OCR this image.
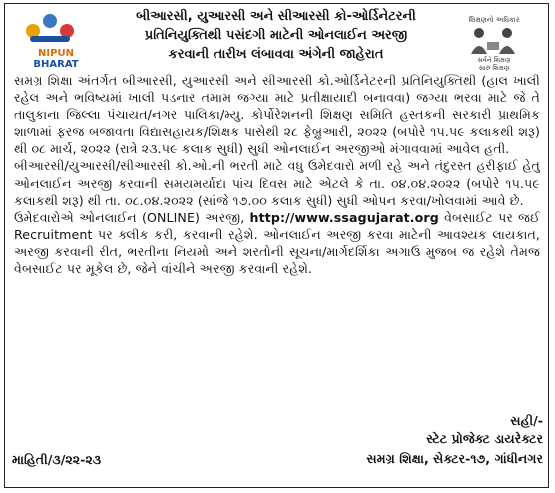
NIPUN
BHARAT
બીઆરસી, યુઆરસી અને સીઆરસી કો-ઓર્ડિનેટરની
પ્રતિનિયુક્તિથી પસંદગી માટેની ઓનલાઈન અરજી
કરવાની તારીખ લંબાવવા અંગેની જાહેરાત
શિક્ષણનો અધિકાર
સર્વને શિક્ષણ
સારું શિક્ષણ

સમગ્ર શિક્ષા અંતર્ગત બીઆરસી, યુઆરસી અને સીઆરસી કો.ઓર્ડિનેટરની પ્રતિનિયુક્તિથી (હાલ ખાલી રહેલ અને ભવિષ્યમાં ખાલી પડનાર તમામ જગ્યા માટે પ્રતીક્ષાયાદી બનાવવા) જગ્યા ભરવા માટે જે તે તાલુકાના જિલ્લા પંચાયત/નગર પાલિકા/મ્યુ. કોર્પોરેશનની શિક્ષણ સમિતિ હસ્તકની સરકારી પ્રાથમિક શાળામાં ફરજ બજાવતા વિદ્યાસહાયક/શિક્ષક પાસેથી ૨૮ ફેબ્રુઆરી, ૨૦૨૨ (બપોરે ૧૫.૫૯ કલાકથી શરૂ) થી ૦૮ માર્ચ, ૨૦૨૨ (રાત્રે ૨૩.૫૯ કલાક સુધી) સુધી ઓનલાઈન અરજીઓ મંગાવવામાં આવેલ હતી.

બીઆરસી/યુઆરસી/સીઆરસી કો.ઓ.ની ભરતી માટે વધુ ઉમેદવારો મળી રહે અને તંદુરસ્ત હરીફાઈ હેતુ ઓનલાઈન અરજી કરવાની સમયમર્યાદા પાંચ દિવસ માટે એટલે કે તા. ૦૪.૦૪.૨૦૨૨ (બપોરે ૧૫.૫૯ કલાકથી શરૂ) થી તા. ૦૮.૦૪.૨૦૨૨ (સાંજે ૧૭.૦૦ કલાક સુધી) સુધી ઓપન કરવા/ખોલવામાં આવે છે.

ઉમેદવારોએ ઓનલાઈન (ONLINE) અરજી, http://www.ssagujarat.org વેબસાઈટ પર જઈ Recruitment પર ક્લીક કરી, કરવાની રહેશે. ઓનલાઈન અરજી કરવા માટેની આવશ્યક લાયકાત, અરજી કરવાની રીત, ભરતીના નિયમો અને શરતોની સૂચના/માર્ગદર્શિકા અગાઉ મુજબ જ રહેશે તેમજ વેબસાઈટ પર મૂકેલ છે, જેને વાંચીને અરજી કરવાની રહેશે.

સહી/-
સ્ટેટ પ્રોજેક્ટ ડાયરેક્ટર
સમગ્ર શિક્ષા, સેક્ટર-૧૭, ગાંધીનગર
માહિતી/૩/૨૨-૨૩
